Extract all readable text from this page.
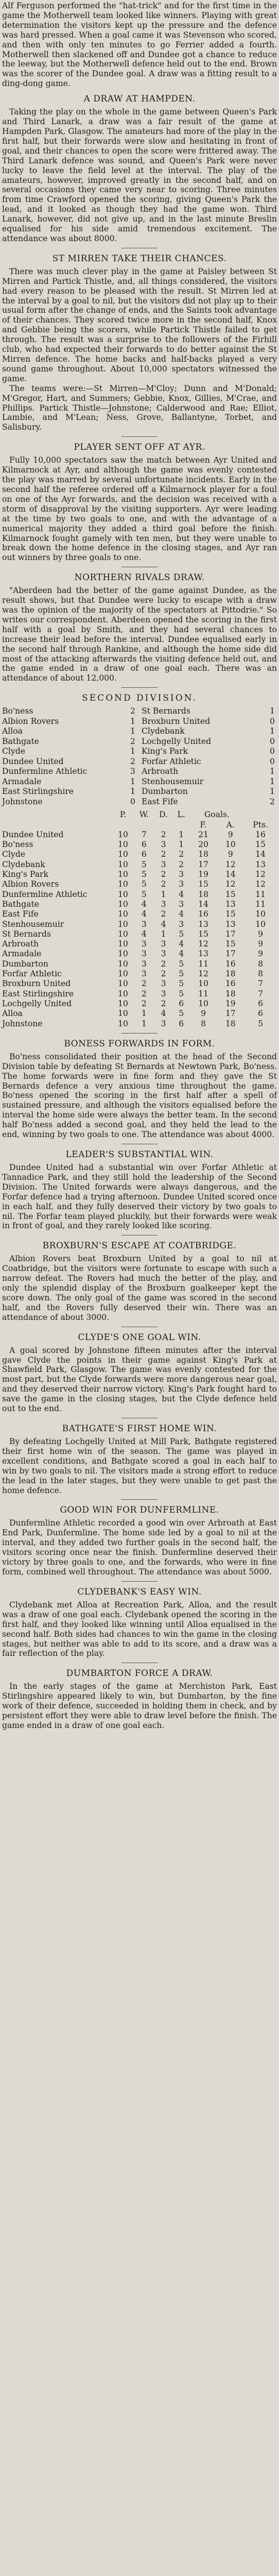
Alf Ferguson performed the "hat-trick" and for the first time in the game the Motherwell team looked like winners. Playing with great determination the visitors kept up the pressure and the defence was hard pressed. When a goal came it was Stevenson who scored, and then with only ten minutes to go Ferrier added a fourth. Motherwell then slackened off and Dundee got a chance to reduce the leeway, but the Motherwell defence held out to the end. Brown was the scorer of the Dundee goal. A draw was a fitting result to a ding-dong game.

A DRAW AT HAMPDEN.

Taking the play on the whole in the game between Queen's Park and Third Lanark, a draw was a fair result of the game at Hampden Park, Glasgow. The amateurs had more of the play in the first half, but their forwards were slow and hesitating in front of goal, and their chances to open the score were frittered away. The Third Lanark defence was sound, and Queen's Park were never lucky to leave the field level at the interval. The play of the amateurs, however, improved greatly in the second half, and on several occasions they came very near to scoring. Three minutes from time Crawford opened the scoring, giving Queen's Park the lead, and it looked as though they had the game won. Third Lanark, however, did not give up, and in the last minute Breslin equalised for his side amid tremendous excitement. The attendance was about 8000.

ST MIRREN TAKE THEIR CHANCES.

There was much clever play in the game at Paisley between St Mirren and Partick Thistle, and, all things considered, the visitors had every reason to be pleased with the result. St Mirren led at the interval by a goal to nil, but the visitors did not play up to their usual form after the change of ends, and the Saints took advantage of their chances. They scored twice more in the second half, Knox and Gebbie being the scorers, while Partick Thistle failed to get through. The result was a surprise to the followers of the Firhill club, who had expected their forwards to do better against the St Mirren defence. The home backs and half-backs played a very sound game throughout. About 10,000 spectators witnessed the game.

The teams were:—St Mirren—M'Cloy; Dunn and M'Donald; M'Gregor, Hart, and Summers; Gebbie, Knox, Gillies, M'Crae, and Phillips. Partick Thistle—Johnstone; Calderwood and Rae; Elliot, Lambie, and M'Lean; Ness, Grove, Ballantyne, Torbet, and Salisbury.

PLAYER SENT OFF AT AYR.

Fully 10,000 spectators saw the match between Ayr United and Kilmarnock at Ayr, and although the game was evenly contested the play was marred by several unfortunate incidents. Early in the second half the referee ordered off a Kilmarnock player for a foul on one of the Ayr forwards, and the decision was received with a storm of disapproval by the visiting supporters. Ayr were leading at the time by two goals to one, and with the advantage of a numerical majority they added a third goal before the finish. Kilmarnock fought gamely with ten men, but they were unable to break down the home defence in the closing stages, and Ayr ran out winners by three goals to one.

NORTHERN RIVALS DRAW.

"Aberdeen had the better of the game against Dundee, as the result shows, but that Dundee were lucky to escape with a draw was the opinion of the majority of the spectators at Pittodrie." So writes our correspondent. Aberdeen opened the scoring in the first half with a goal by Smith, and they had several chances to increase their lead before the interval. Dundee equalised early in the second half through Rankine, and although the home side did most of the attacking afterwards the visiting defence held out, and the game ended in a draw of one goal each. There was an attendance of about 12,000.

SECOND DIVISION.
Bo'ness	2 St Bernards	1
Albion Rovers	1 Broxburn United	0
Alloa	1 Clydebank	1
Bathgate	2 Lochgelly United	0
Clyde	1 King's Park	0
Dundee United	2 Forfar Athletic	0
Dunfermline Athletic	3 Arbroath	1
Armadale	1 Stenhousemuir	1
East Stirlingshire	1 Dumbarton	1
Johnstone	0 East Fife	2
	P.	W.	D.	L.	Goals.		
					F.	A.	Pts.
Dundee United	10	7	2	1	21	9	16
Bo'ness	10	6	3	1	20	10	15
Clyde	10	6	2	2	18	9	14
Clydebank	10	5	3	2	17	12	13
King's Park	10	5	2	3	19	14	12
Albion Rovers	10	5	2	3	15	12	12
Dunfermline Athletic	10	5	1	4	18	15	11
Bathgate	10	4	3	3	14	13	11
East Fife	10	4	2	4	16	15	10
Stenhousemuir	10	3	4	3	13	13	10
St Bernards	10	4	1	5	15	17	9
Arbroath	10	3	3	4	12	15	9
Armadale	10	3	3	4	13	17	9
Dumbarton	10	3	2	5	11	16	8
Forfar Athletic	10	3	2	5	12	18	8
Broxburn United	10	2	3	5	10	16	7
East Stirlingshire	10	2	3	5	11	18	7
Lochgelly United	10	2	2	6	10	19	6
Alloa	10	1	4	5	9	17	6
Johnstone	10	1	3	6	8	18	5
BONESS FORWARDS IN FORM.

Bo'ness consolidated their position at the head of the Second Division table by defeating St Bernards at Newtown Park, Bo'ness. The home forwards were in fine form and they gave the St Bernards defence a very anxious time throughout the game. Bo'ness opened the scoring in the first half after a spell of sustained pressure, and although the visitors equalised before the interval the home side were always the better team. In the second half Bo'ness added a second goal, and they held the lead to the end, winning by two goals to one. The attendance was about 4000.

LEADER'S SUBSTANTIAL WIN.

Dundee United had a substantial win over Forfar Athletic at Tannadice Park, and they still hold the leadership of the Second Division. The United forwards were always dangerous, and the Forfar defence had a trying afternoon. Dundee United scored once in each half, and they fully deserved their victory by two goals to nil. The Forfar team played pluckily, but their forwards were weak in front of goal, and they rarely looked like scoring.

BROXBURN'S ESCAPE AT COATBRIDGE.

Albion Rovers beat Broxburn United by a goal to nil at Coatbridge, but the visitors were fortunate to escape with such a narrow defeat. The Rovers had much the better of the play, and only the splendid display of the Broxburn goalkeeper kept the score down. The only goal of the game was scored in the second half, and the Rovers fully deserved their win. There was an attendance of about 3000.

CLYDE'S ONE GOAL WIN.

A goal scored by Johnstone fifteen minutes after the interval gave Clyde the points in their game against King's Park at Shawfield Park, Glasgow. The game was evenly contested for the most part, but the Clyde forwards were more dangerous near goal, and they deserved their narrow victory. King's Park fought hard to save the game in the closing stages, but the Clyde defence held out to the end.

BATHGATE'S FIRST HOME WIN.

By defeating Lochgelly United at Mill Park, Bathgate registered their first home win of the season. The game was played in excellent conditions, and Bathgate scored a goal in each half to win by two goals to nil. The visitors made a strong effort to reduce the lead in the later stages, but they were unable to get past the home defence.

GOOD WIN FOR DUNFERMLINE.

Dunfermline Athletic recorded a good win over Arbroath at East End Park, Dunfermline. The home side led by a goal to nil at the interval, and they added two further goals in the second half, the visitors scoring once near the finish. Dunfermline deserved their victory by three goals to one, and the forwards, who were in fine form, combined well throughout. The attendance was about 5000.

CLYDEBANK'S EASY WIN.

Clydebank met Alloa at Recreation Park, Alloa, and the result was a draw of one goal each. Clydebank opened the scoring in the first half, and they looked like winning until Alloa equalised in the second half. Both sides had chances to win the game in the closing stages, but neither was able to add to its score, and a draw was a fair reflection of the play.

DUMBARTON FORCE A DRAW.

In the early stages of the game at Merchiston Park, East Stirlingshire appeared likely to win, but Dumbarton, by the fine work of their defence, succeeded in holding them in check, and by persistent effort they were able to draw level before the finish. The game ended in a draw of one goal each.
